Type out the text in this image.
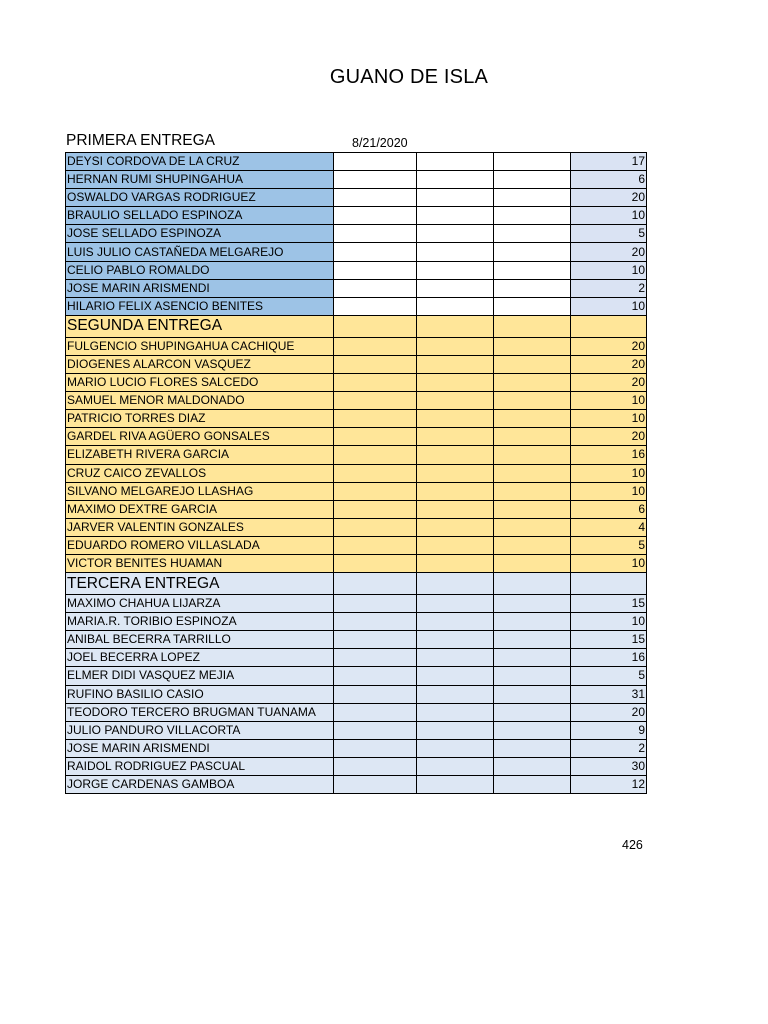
GUANO DE ISLA
PRIMERA ENTREGA	8/21/2020
DEYSI CORDOVA DE LA CRUZ				17
HERNAN RUMI SHUPINGAHUA				6
OSWALDO VARGAS RODRIGUEZ				20
BRAULIO SELLADO ESPINOZA				10
JOSE SELLADO ESPINOZA				5
LUIS JULIO CASTAÑEDA MELGAREJO				20
CELIO PABLO ROMALDO				10
JOSE MARIN ARISMENDI				2
HILARIO FELIX ASENCIO BENITES				10
SEGUNDA ENTREGA				
FULGENCIO SHUPINGAHUA CACHIQUE				20
DIOGENES ALARCON VASQUEZ				20
MARIO LUCIO FLORES SALCEDO				20
SAMUEL MENOR MALDONADO				10
PATRICIO TORRES DIAZ				10
GARDEL RIVA AGÜERO GONSALES				20
ELIZABETH RIVERA GARCIA				16
CRUZ CAICO ZEVALLOS				10
SILVANO MELGAREJO LLASHAG				10
MAXIMO DEXTRE GARCIA				6
JARVER VALENTIN GONZALES				4
EDUARDO ROMERO VILLASLADA				5
VICTOR BENITES HUAMAN				10
TERCERA ENTREGA				
MAXIMO CHAHUA LIJARZA				15
MARIA.R. TORIBIO ESPINOZA				10
ANIBAL BECERRA TARRILLO				15
JOEL BECERRA LOPEZ				16
ELMER DIDI VASQUEZ MEJIA				5
RUFINO BASILIO CASIO				31
TEODORO TERCERO BRUGMAN TUANAMA				20
JULIO PANDURO VILLACORTA				9
JOSE MARIN ARISMENDI				2
RAIDOL RODRIGUEZ PASCUAL				30
JORGE CARDENAS GAMBOA				12
426
